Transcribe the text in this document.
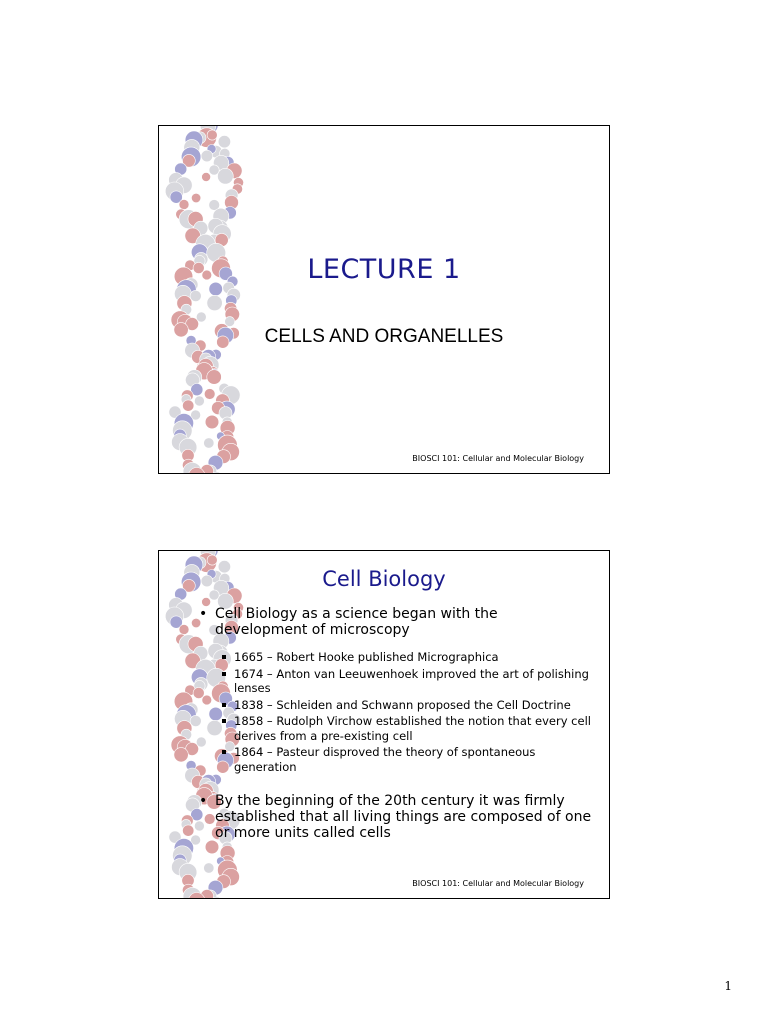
LECTURE 1
CELLS AND ORGANELLES
BIOSCI 101: Cellular and Molecular Biology
Cell Biology
• Cell Biology as a science began with the development of microscopy
1665 – Robert Hooke published Micrographica
1674 – Anton van Leeuwenhoek improved the art of polishing lenses
1838 – Schleiden and Schwann proposed the Cell Doctrine
1858 – Rudolph Virchow established the notion that every cell derives from a pre-existing cell
1864 – Pasteur disproved the theory of spontaneous generation
• By the beginning of the 20th century it was firmly established that all living things are composed of one or more units called cells
BIOSCI 101: Cellular and Molecular Biology
1
